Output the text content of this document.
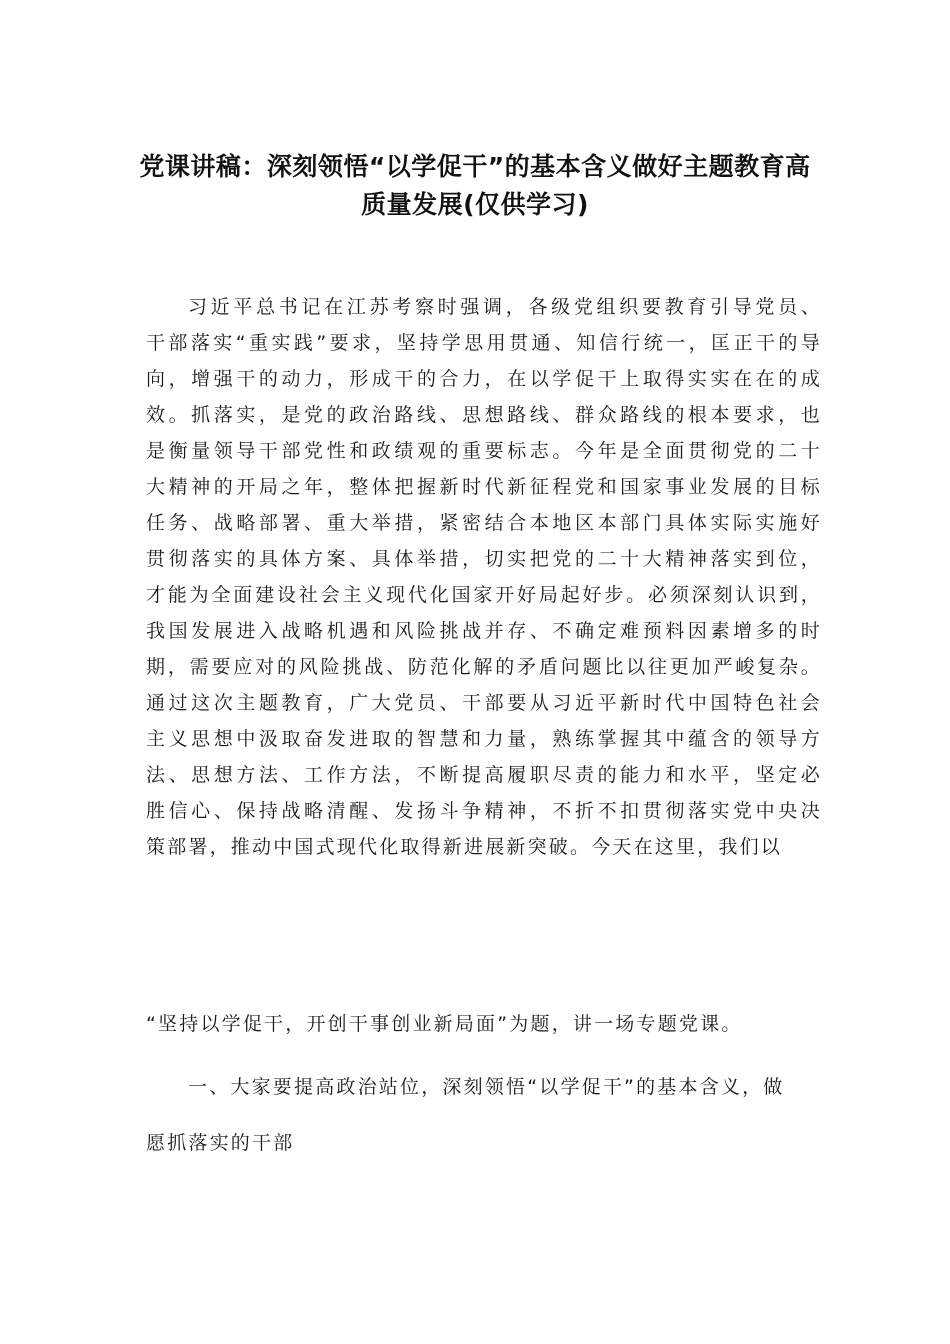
党课讲稿：深刻领悟“以学促干”的基本含义做好主题教育高
质量发展(仅供学习)
习近平总书记在江苏考察时强调，各级党组织要教育引导党员、
干部落实“重实践”要求，坚持学思用贯通、知信行统一，匡正干的导
向，增强干的动力，形成干的合力，在以学促干上取得实实在在的成
效。抓落实，是党的政治路线、思想路线、群众路线的根本要求，也
是衡量领导干部党性和政绩观的重要标志。今年是全面贯彻党的二十
大精神的开局之年，整体把握新时代新征程党和国家事业发展的目标
任务、战略部署、重大举措，紧密结合本地区本部门具体实际实施好
贯彻落实的具体方案、具体举措，切实把党的二十大精神落实到位，
才能为全面建设社会主义现代化国家开好局起好步。必须深刻认识到，
我国发展进入战略机遇和风险挑战并存、不确定难预料因素增多的时
期，需要应对的风险挑战、防范化解的矛盾问题比以往更加严峻复杂。
通过这次主题教育，广大党员、干部要从习近平新时代中国特色社会
主义思想中汲取奋发进取的智慧和力量，熟练掌握其中蕴含的领导方
法、思想方法、工作方法，不断提高履职尽责的能力和水平，坚定必
胜信心、保持战略清醒、发扬斗争精神，不折不扣贯彻落实党中央决
策部署，推动中国式现代化取得新进展新突破。今天在这里，我们以
“坚持以学促干，开创干事创业新局面”为题，讲一场专题党课。
一、大家要提高政治站位，深刻领悟“以学促干”的基本含义，做
愿抓落实的干部
